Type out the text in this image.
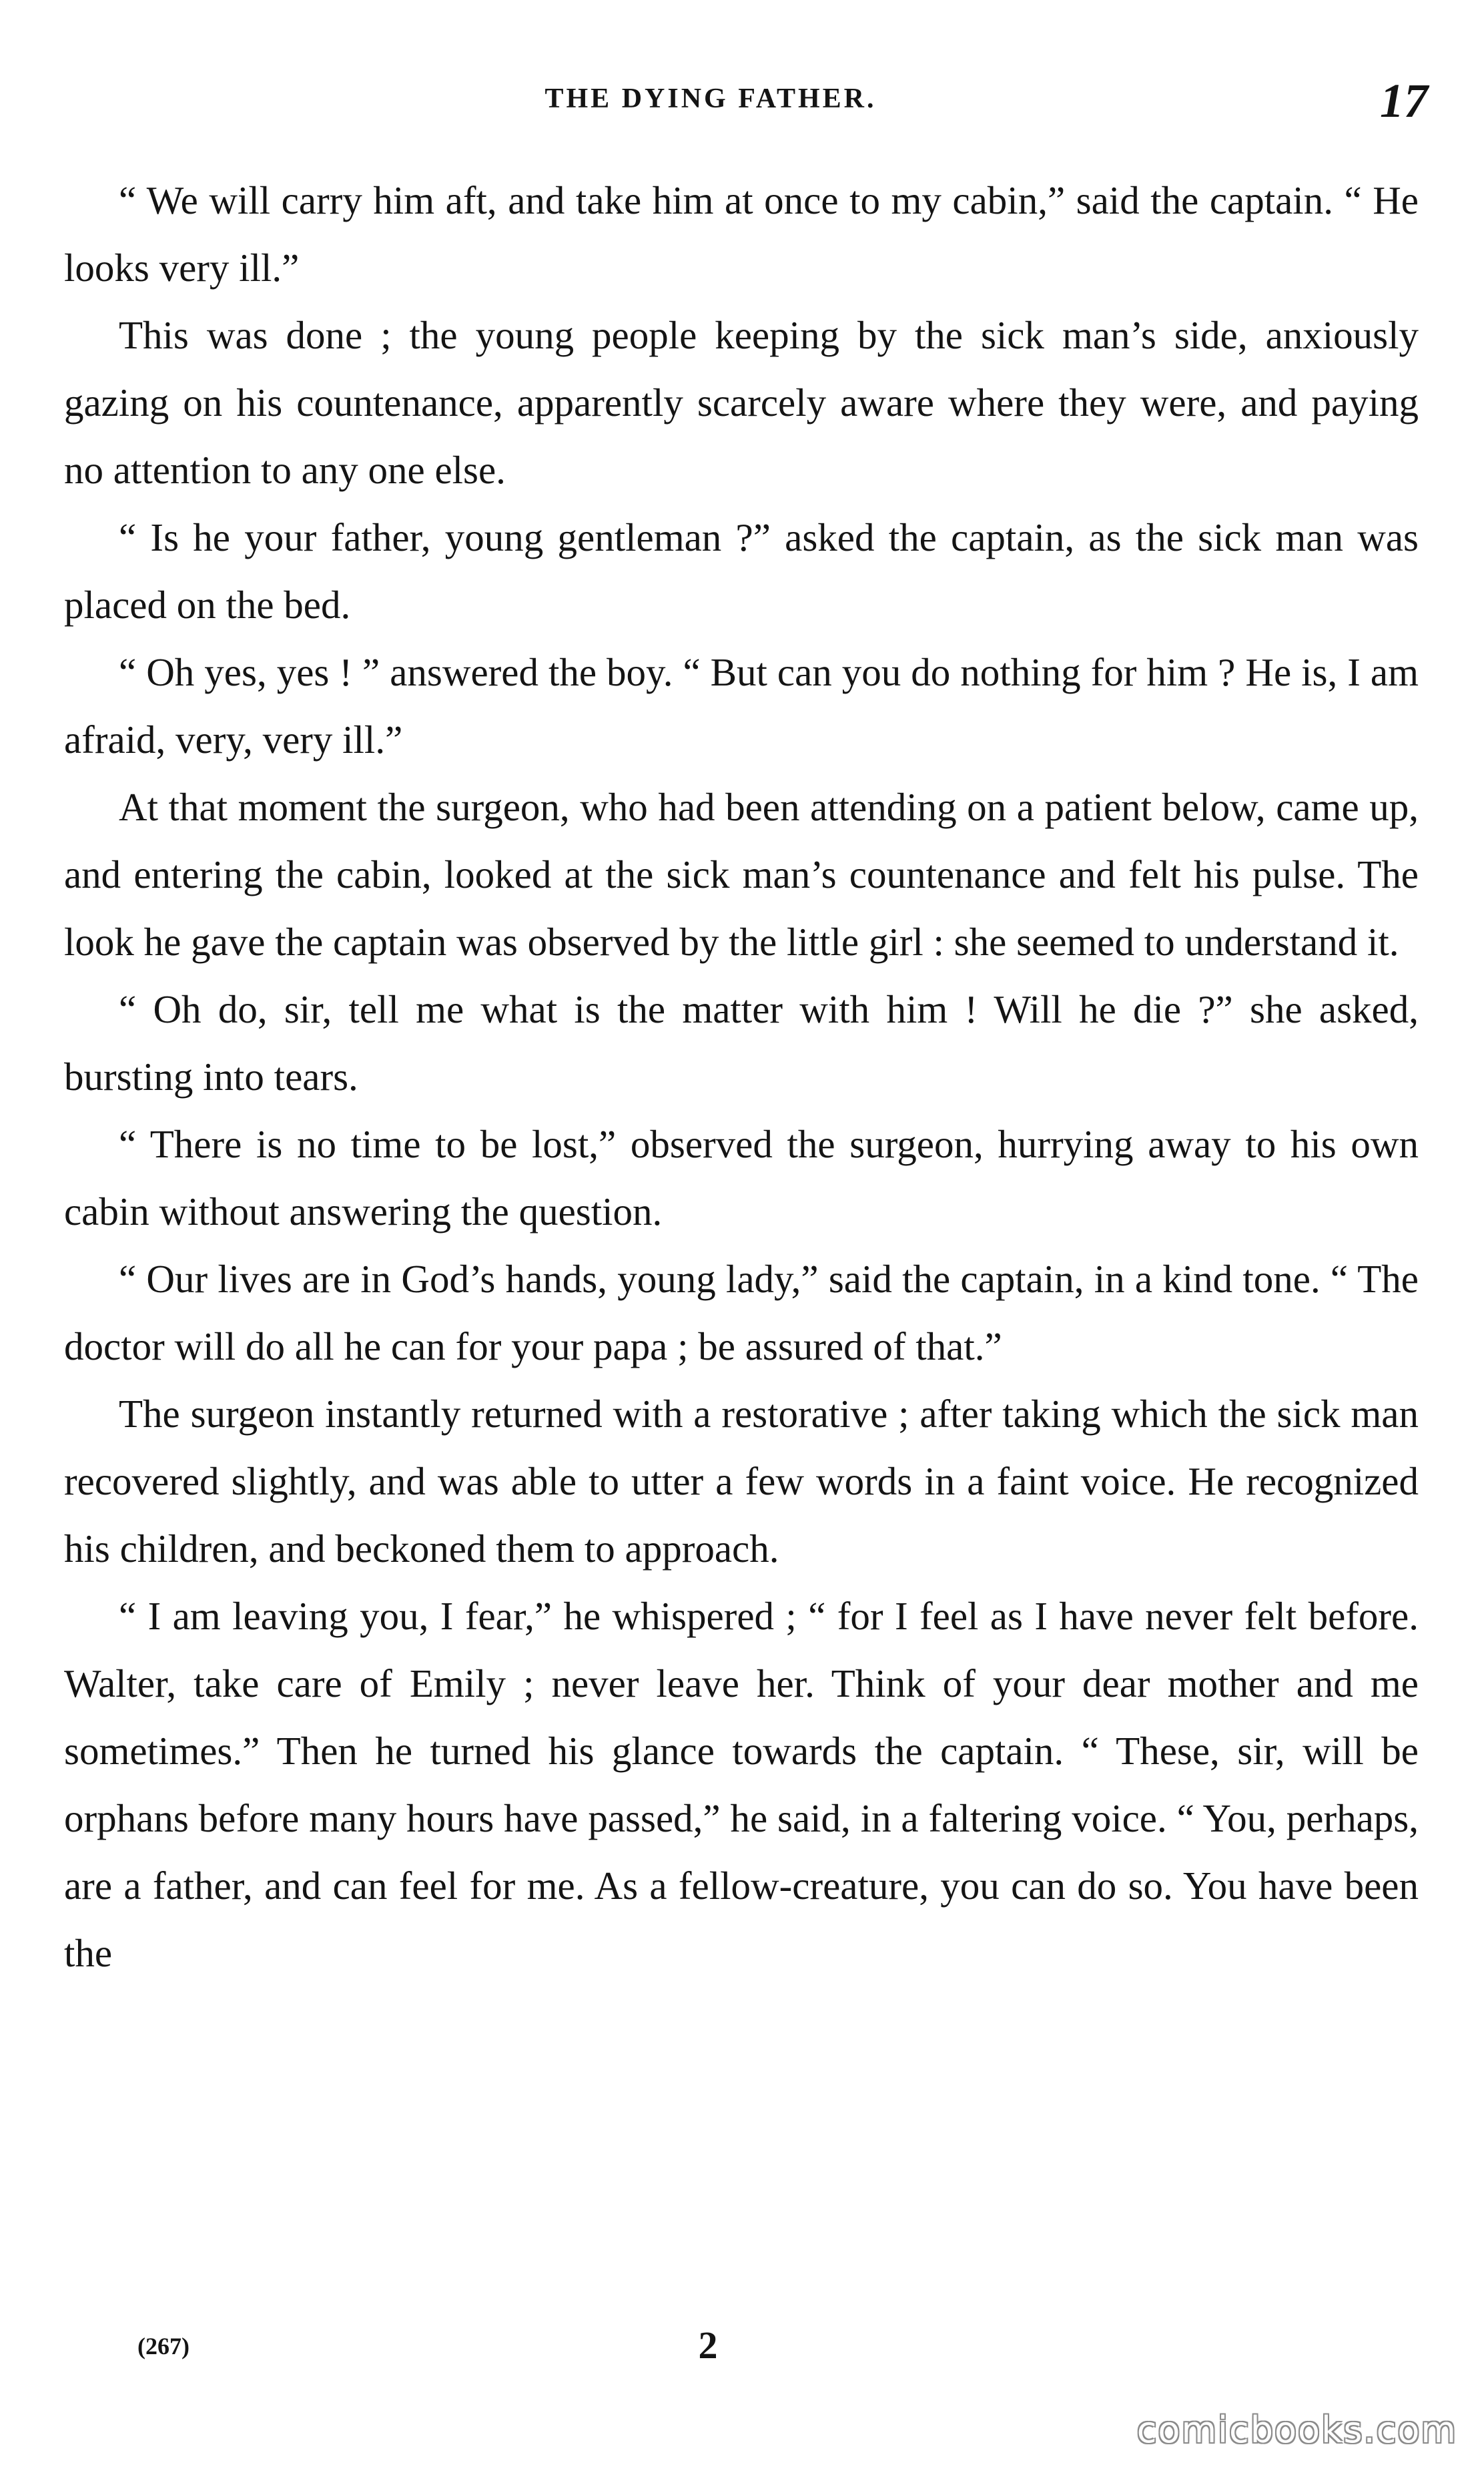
THE DYING FATHER.	17

“ We will carry him aft, and take him at once to my cabin,” said the captain. “ He looks very ill.”

This was done ; the young people keeping by the sick man’s side, anxiously gazing on his countenance, apparently scarcely aware where they were, and paying no attention to any one else.

“ Is he your father, young gentleman ?” asked the captain, as the sick man was placed on the bed.

“ Oh yes, yes ! ” answered the boy. “ But can you do nothing for him ? He is, I am afraid, very, very ill.”

At that moment the surgeon, who had been attending on a patient below, came up, and entering the cabin, looked at the sick man’s countenance and felt his pulse. The look he gave the captain was observed by the little girl : she seemed to understand it.

“ Oh do, sir, tell me what is the matter with him ! Will he die ?” she asked, bursting into tears.

“ There is no time to be lost,” observed the surgeon, hurrying away to his own cabin without answering the question.

“ Our lives are in God’s hands, young lady,” said the captain, in a kind tone. “ The doctor will do all he can for your papa ; be assured of that.”

The surgeon instantly returned with a restorative ; after taking which the sick man recovered slightly, and was able to utter a few words in a faint voice. He recognized his children, and beckoned them to approach.

“ I am leaving you, I fear,” he whispered ; “ for I feel as I have never felt before. Walter, take care of Emily ; never leave her. Think of your dear mother and me sometimes.” Then he turned his glance towards the captain. “ These, sir, will be orphans before many hours have passed,” he said, in a faltering voice. “ You, perhaps, are a father, and can feel for me. As a fellow-creature, you can do so. You have been the

(267)	2
comicbooks.com
